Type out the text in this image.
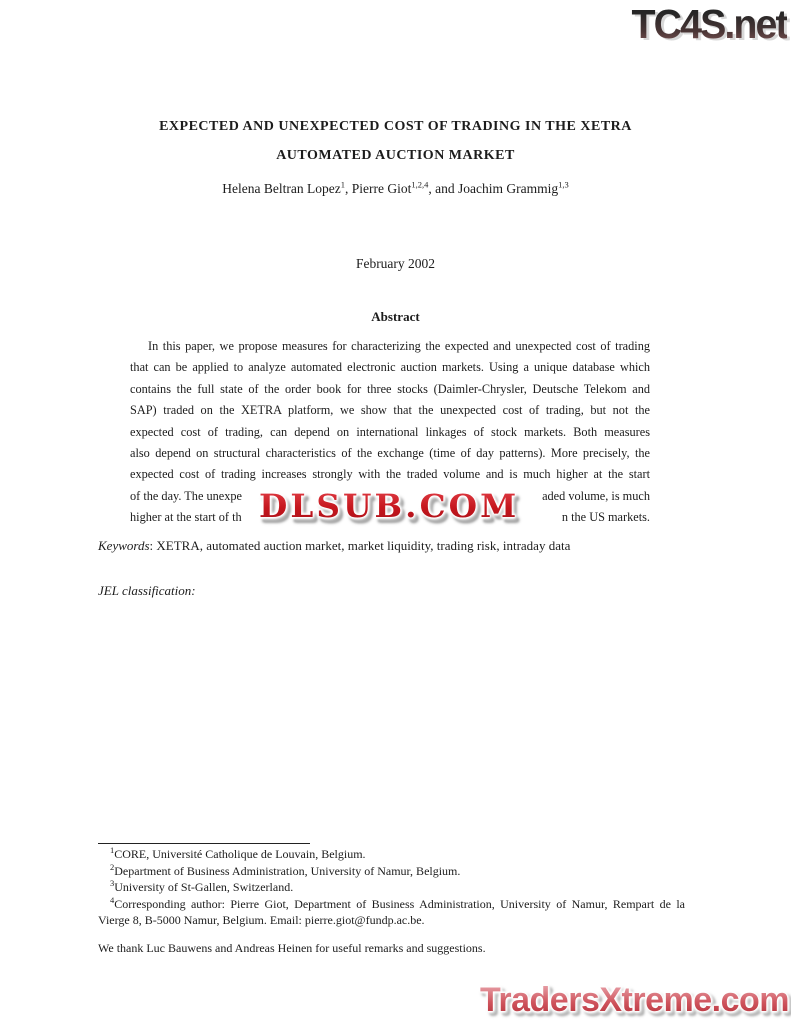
TC4S.net
EXPECTED AND UNEXPECTED COST OF TRADING IN THE XETRA
AUTOMATED AUCTION MARKET
Helena Beltran Lopez$^1$, Pierre Giot$^{1,2,4}$, and Joachim Grammig$^{1,3}$
February 2002
Abstract
In this paper, we propose measures for characterizing the expected and unexpected cost of trading
that can be applied to analyze automated electronic auction markets. Using a unique database which
contains the full state of the order book for three stocks (Daimler-Chrysler, Deutsche Telekom and
SAP) traded on the XETRA platform, we show that the unexpected cost of trading, but not the
expected cost of trading, can depend on international linkages of stock markets. Both measures
also depend on structural characteristics of the exchange (time of day patterns). More precisely, the
expected cost of trading increases strongly with the traded volume and is much higher at the start
of the day. The unexpe	aded volume, is much
higher at the start of th	n the US markets.
DLSUB.COM
Keywords: XETRA, automated auction market, market liquidity, trading risk, intraday data
JEL classification:
$^1$CORE, Université Catholique de Louvain, Belgium.
$^2$Department of Business Administration, University of Namur, Belgium.
$^3$University of St-Gallen, Switzerland.
$^4$Corresponding author: Pierre Giot, Department of Business Administration, University of Namur, Rempart de la
Vierge 8, B-5000 Namur, Belgium. Email: pierre.giot@fundp.ac.be.
We thank Luc Bauwens and Andreas Heinen for useful remarks and suggestions.
TradersXtreme.com
